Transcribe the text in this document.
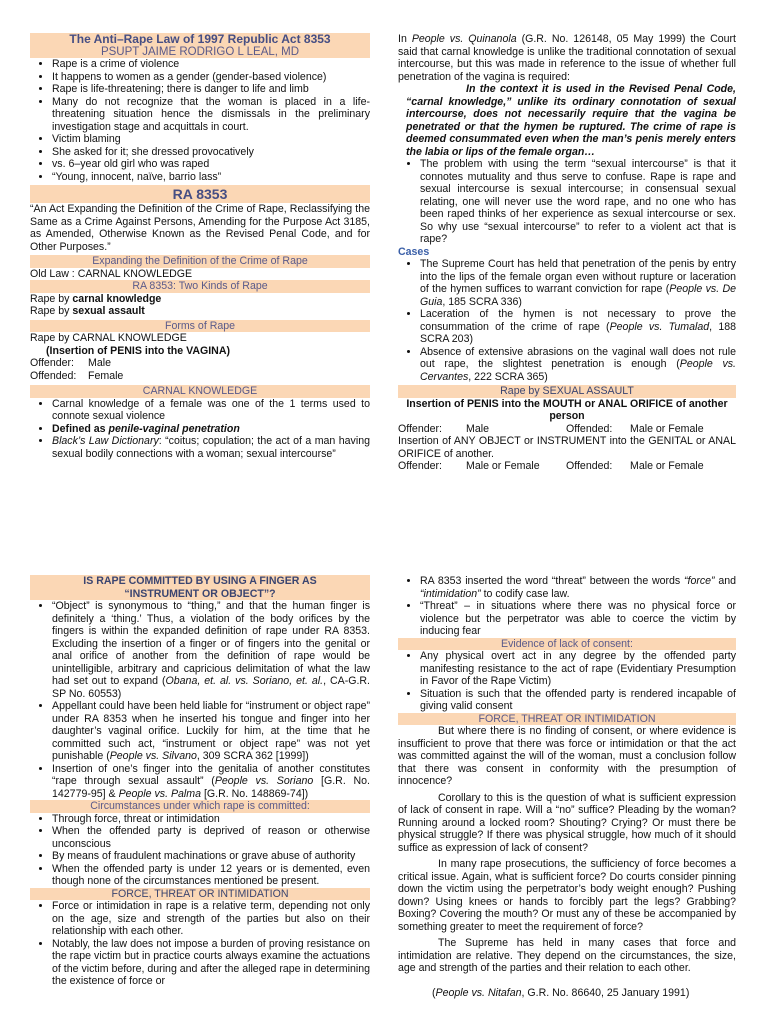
The Anti–Rape Law of 1997 Republic Act 8353
PSUPT JAIME RODRIGO L LEAL, MD
• Rape is a crime of violence
• It happens to women as a gender (gender-based violence)
• Rape is life-threatening; there is danger to life and limb
• Many do not recognize that the woman is placed in a life-threatening situation hence the dismissals in the preliminary investigation stage and acquittals in court.
• Victim blaming
• She asked for it; she dressed provocatively
• vs. 6–year old girl who was raped
• “Young, innocent, naïve, barrio lass”
RA 8353

“An Act Expanding the Definition of the Crime of Rape, Reclassifying the Same as a Crime Against Persons, Amending for the Purpose Act 3185, as Amended, Otherwise Known as the Revised Penal Code, and for Other Purposes.”

Expanding the Definition of the Crime of Rape

Old Law : CARNAL KNOWLEDGE

RA 8353: Two Kinds of Rape

Rape by carnal knowledge

Rape by sexual assault

Forms of Rape

Rape by CARNAL KNOWLEDGE

(Insertion of PENIS into the VAGINA)

Offender: Male

Offended: Female

CARNAL KNOWLEDGE
• Carnal knowledge of a female was one of the 1 terms used to connote sexual violence
• Defined as penile-vaginal penetration
• Black’s Law Dictionary: “coitus; copulation; the act of a man having sexual bodily connections with a woman; sexual intercourse”

In People vs. Quinanola (G.R. No. 126148, 05 May 1999) the Court said that carnal knowledge is unlike the traditional connotation of sexual intercourse, but this was made in reference to the issue of whether full penetration of the vagina is required:

In the context it is used in the Revised Penal Code, “carnal knowledge,” unlike its ordinary connotation of sexual intercourse, does not necessarily require that the vagina be penetrated or that the hymen be ruptured. The crime of rape is deemed consummated even when the man’s penis merely enters the labia or lips of the female organ…

• The problem with using the term “sexual intercourse” is that it connotes mutuality and thus serve to confuse. Rape is rape and sexual intercourse is sexual intercourse; in consensual sexual relating, one will never use the word rape, and no one who has been raped thinks of her experience as sexual intercourse or sex. So why use “sexual intercourse” to refer to a violent act that is rape?

Cases

• The Supreme Court has held that penetration of the penis by entry into the lips of the female organ even without rupture or laceration of the hymen suffices to warrant conviction for rape (People vs. De Guia, 185 SCRA 336)
• Laceration of the hymen is not necessary to prove the consummation of the crime of rape (People vs. Tumalad, 188 SCRA 203)
• Absence of extensive abrasions on the vaginal wall does not rule out rape, the slightest penetration is enough (People vs. Cervantes, 222 SCRA 365)
Rape by SEXUAL ASSAULT

Insertion of PENIS into the MOUTH or ANAL ORIFICE of another person

Offender: Male	Offended: Male or Female

Insertion of ANY OBJECT or INSTRUMENT into the GENITAL or ANAL ORIFICE of another.

Offender: Male or Female Offended: Male or Female

IS RAPE COMMITTED BY USING A FINGER AS “INSTRUMENT OR OBJECT”?
• “Object” is synonymous to “thing,” and that the human finger is definitely a ‘thing.’ Thus, a violation of the body orifices by the fingers is within the expanded definition of rape under RA 8353. Excluding the insertion of a finger or of fingers into the genital or anal orifice of another from the definition of rape would be unintelligible, arbitrary and capricious delimitation of what the law had set out to expand (Obana, et. al. vs. Soriano, et. al., CA-G.R. SP No. 60553)
• Appellant could have been held liable for “instrument or object rape” under RA 8353 when he inserted his tongue and finger into her daughter’s vaginal orifice. Luckily for him, at the time that he committed such act, “instrument or object rape” was not yet punishable (People vs. Silvano, 309 SCRA 362 [1999])
• Insertion of one’s finger into the genitalia of another constitutes “rape through sexual assault” (People vs. Soriano [G.R. No. 142779-95] & People vs. Palma [G.R. No. 148869-74])
Circumstances under which rape is committed:
• Through force, threat or intimidation
• When the offended party is deprived of reason or otherwise unconscious
• By means of fraudulent machinations or grave abuse of authority
• When the offended party is under 12 years or is demented, even though none of the circumstances mentioned be present.
FORCE, THREAT OR INTIMIDATION
• Force or intimidation in rape is a relative term, depending not only on the age, size and strength of the parties but also on their relationship with each other.
• Notably, the law does not impose a burden of proving resistance on the rape victim but in practice courts always examine the actuations of the victim before, during and after the alleged rape in determining the existence of force or
• RA 8353 inserted the word “threat” between the words “force” and “intimidation” to codify case law.
• “Threat” – in situations where there was no physical force or violence but the perpetrator was able to coerce the victim by inducing fear
Evidence of lack of consent:
• Any physical overt act in any degree by the offended party manifesting resistance to the act of rape (Evidentiary Presumption in Favor of the Rape Victim)
• Situation is such that the offended party is rendered incapable of giving valid consent
FORCE, THREAT OR INTIMIDATION

But where there is no finding of consent, or where evidence is insufficient to prove that there was force or intimidation or that the act was committed against the will of the woman, must a conclusion follow that there was consent in conformity with the presumption of innocence?

Corollary to this is the question of what is sufficient expression of lack of consent in rape. Will a “no” suffice? Pleading by the woman? Running around a locked room? Shouting? Crying? Or must there be physical struggle? If there was physical struggle, how much of it should suffice as expression of lack of consent?

In many rape prosecutions, the sufficiency of force becomes a critical issue. Again, what is sufficient force? Do courts consider pinning down the victim using the perpetrator’s body weight enough? Pushing down? Using knees or hands to forcibly part the legs? Grabbing? Boxing? Covering the mouth? Or must any of these be accompanied by something greater to meet the requirement of force?

The Supreme has held in many cases that force and intimidation are relative. They depend on the circumstances, the size, age and strength of the parties and their relation to each other.

(People vs. Nitafan, G.R. No. 86640, 25 January 1991)
